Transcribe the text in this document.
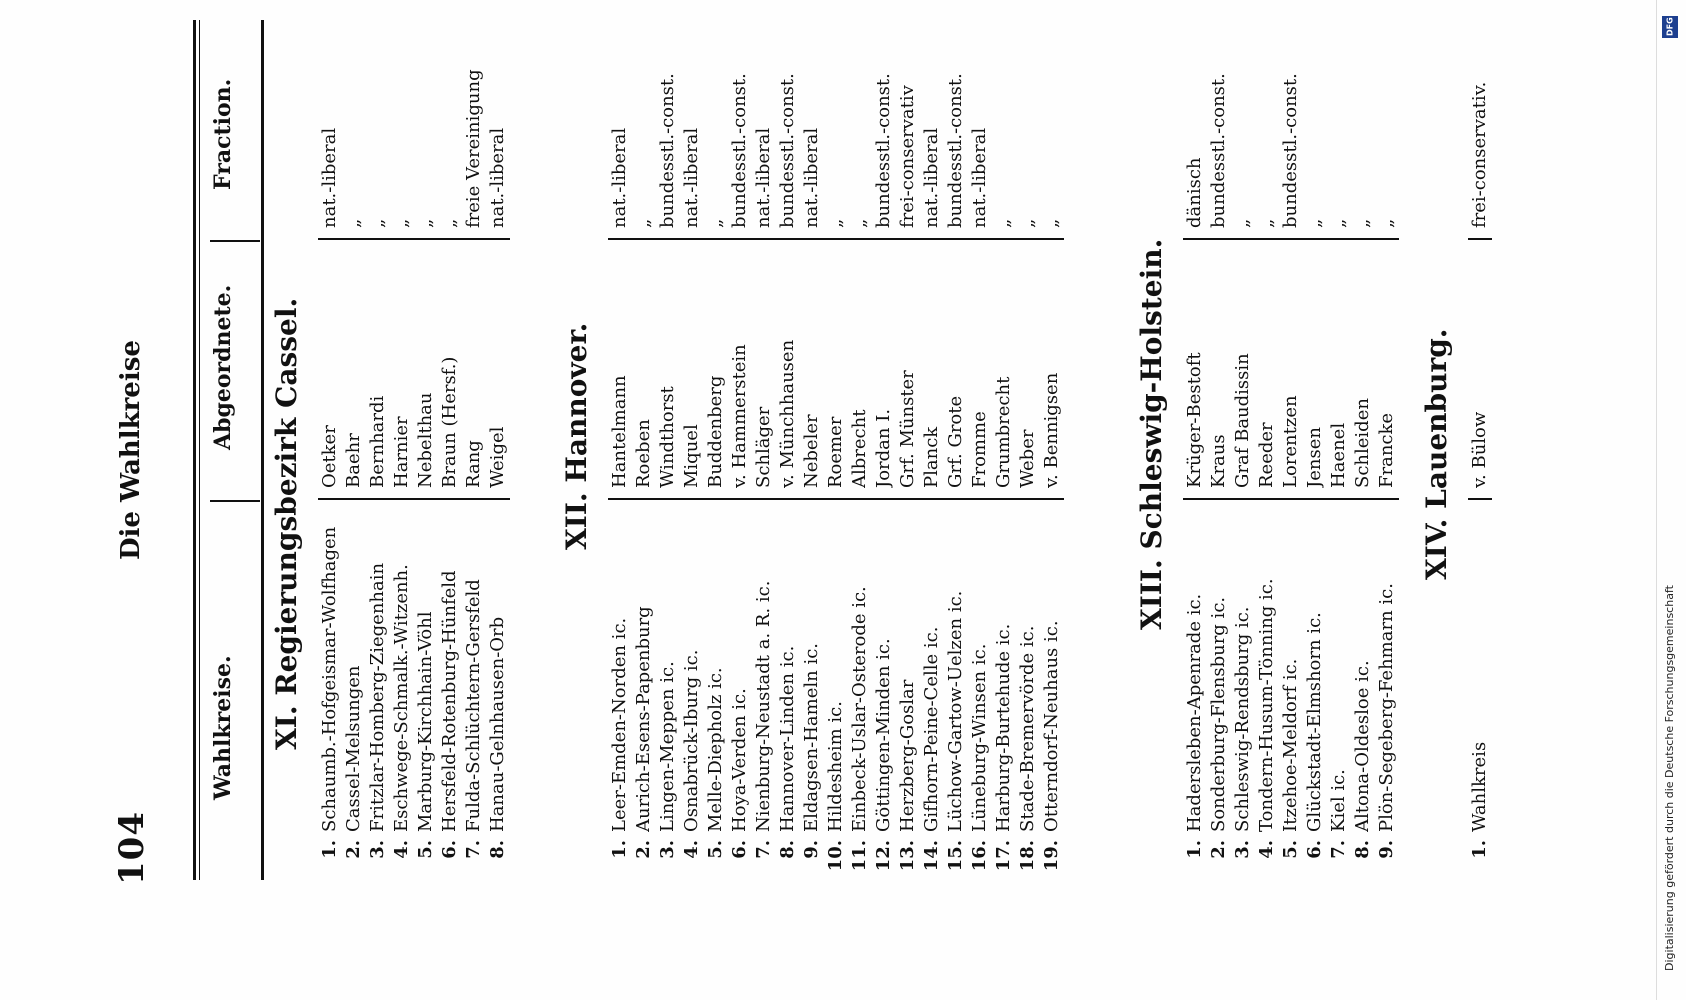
104
Die Wahlkreise
Wahlkreise.
Abgeordnete.
Fraction.
XI. Regierungsbezirk Cassel.
1.
Schaumb.-Hofgeismar-Wolfhagen
Oetker
nat.-liberal
2.
Cassel-Melsungen
Baehr
„
3.
Fritzlar-Homberg-Ziegenhain
Bernhardi
„
4.
Eschwege-Schmalk.-Witzenh.
Harnier
„
5.
Marburg-Kirchhain-Vöhl
Nebelthau
„
6.
Hersfeld-Rotenburg-Hünfeld
Braun (Hersf.)
„
7.
Fulda-Schlüchtern-Gersfeld
Rang
freie Vereinigung
8.
Hanau-Gelnhausen-Orb
Weigel
nat.-liberal
XII. Hannover.
1.
Leer-Emden-Norden ic.
Hantelmann
nat.-liberal
2.
Aurich-Esens-Papenburg
Roeben
„
3.
Lingen-Meppen ic.
Windthorst
bundesstl.-const.
4.
Osnabrück-Iburg ic.
Miquel
nat.-liberal
5.
Melle-Diepholz ic.
Buddenberg
„
6.
Hoya-Verden ic.
v. Hammerstein
bundesstl.-const.
7.
Nienburg-Neustadt a. R. ic.
Schläger
nat.-liberal
8.
Hannover-Linden ic.
v. Münchhausen
bundesstl.-const.
9.
Eldagsen-Hameln ic.
Nebeler
nat.-liberal
10.
Hildesheim ic.
Roemer
„
11.
Einbeck-Uslar-Osterode ic.
Albrecht
„
12.
Göttingen-Minden ic.
Jordan I.
bundesstl.-const.
13.
Herzberg-Goslar
Grf. Münster
frei-conservativ
14.
Gifhorn-Peine-Celle ic.
Planck
nat.-liberal
15.
Lüchow-Gartow-Uelzen ic.
Grf. Grote
bundesstl.-const.
16.
Lüneburg-Winsen ic.
Fromme
nat.-liberal
17.
Harburg-Burtehude ic.
Grumbrecht
„
18.
Stade-Bremervörde ic.
Weber
„
19.
Otterndorf-Neuhaus ic.
v. Bennigsen
„
XIII. Schleswig-Holstein.
1.
Hadersleben-Apenrade ic.
Krüger-Bestoft
dänisch
2.
Sonderburg-Flensburg ic.
Kraus
bundesstl.-const.
3.
Schleswig-Rendsburg ic.
Graf Baudissin
„
4.
Tondern-Husum-Tönning ic.
Reeder
„
5.
Itzehoe-Meldorf ic.
Lorentzen
bundesstl.-const.
6.
Glückstadt-Elmshorn ic.
Jensen
„
7.
Kiel ic.
Haenel
„
8.
Altona-Oldesloe ic.
Schleiden
„
9.
Plön-Segeberg-Fehmarn ic.
Francke
„
XIV. Lauenburg.
1.
Wahlkreis
v. Bülow
frei-conservativ.
DFG
Digitalisierung gefördert durch die Deutsche Forschungsgemeinschaft
